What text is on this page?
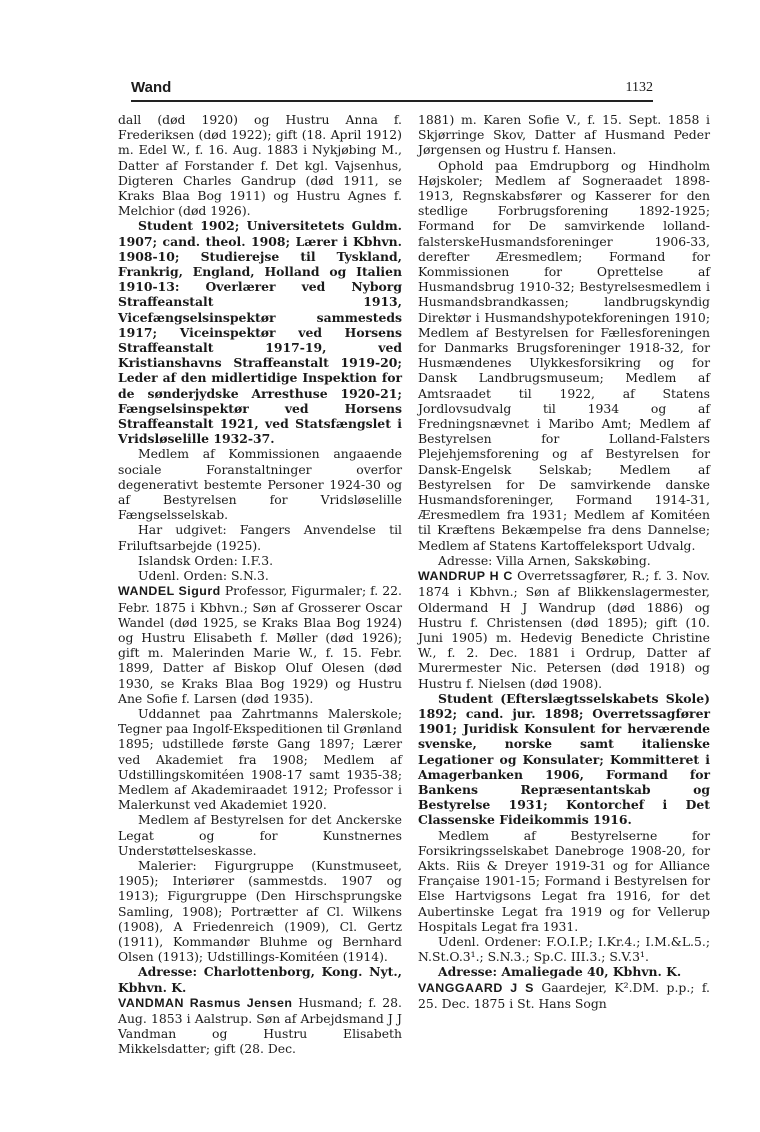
Wand	1132

dall (død 1920) og Hustru Anna f. Frederiksen (død 1922); gift (18. April 1912) m. Edel W., f. 16. Aug. 1883 i Nykjøbing M., Datter af Forstander f. Det kgl. Vajsenhus, Digteren Charles Gandrup (død 1911, se Kraks Blaa Bog 1911) og Hustru Agnes f. Melchior (død 1926).

Student 1902; Universitetets Guldm. 1907; cand. theol. 1908; Lærer i Kbhvn. 1908-10; Studierejse til Tyskland, Frankrig, England, Holland og Italien 1910-13: Overlærer ved Nyborg Straffeanstalt 1913, Vicefængselsinspektør sammesteds 1917; Viceinspektør ved Horsens Straffeanstalt 1917-19, ved Kristianshavns Straffeanstalt 1919-20; Leder af den midlertidige Inspektion for de sønderjydske Arresthuse 1920-21; Fængselsinspektør ved Horsens Straffeanstalt 1921, ved Statsfængslet i Vridsløselille 1932-37.

Medlem af Kommissionen angaaende sociale Foranstaltninger overfor degenerativt bestemte Personer 1924-30 og af Bestyrelsen for Vridsløselille Fængselsselskab.

Har udgivet: Fangers Anvendelse til Friluftsarbejde (1925).

Islandsk Orden: I.F.3.

Udenl. Orden: S.N.3.

WANDEL Sigurd Professor, Figurmaler; f. 22. Febr. 1875 i Kbhvn.; Søn af Grosserer Oscar Wandel (død 1925, se Kraks Blaa Bog 1924) og Hustru Elisabeth f. Møller (død 1926); gift m. Malerinden Marie W., f. 15. Febr. 1899, Datter af Biskop Oluf Olesen (død 1930, se Kraks Blaa Bog 1929) og Hustru Ane Sofie f. Larsen (død 1935).

Uddannet paa Zahrtmanns Malerskole; Tegner paa Ingolf-Ekspeditionen til Grønland 1895; udstillede første Gang 1897; Lærer ved Akademiet fra 1908; Medlem af Udstillingskomitéen 1908-17 samt 1935-38; Medlem af Akademiraadet 1912; Professor i Malerkunst ved Akademiet 1920.

Medlem af Bestyrelsen for det Anckerske Legat og for Kunstnernes Understøttelseskasse.

Malerier: Figurgruppe (Kunstmuseet, 1905); Interiører (sammestds. 1907 og 1913); Figurgruppe (Den Hirschsprungske Samling, 1908); Portrætter af Cl. Wilkens (1908), A Friedenreich (1909), Cl. Gertz (1911), Kommandør Bluhme og Bernhard Olsen (1913); Udstillings-Komitéen (1914).

Adresse: Charlottenborg, Kong. Nyt., Kbhvn. K.

VANDMAN Rasmus Jensen Husmand; f. 28. Aug. 1853 i Aalstrup. Søn af Arbejdsmand J J Vandman og Hustru Elisabeth Mikkelsdatter; gift (28. Dec.

1881) m. Karen Sofie V., f. 15. Sept. 1858 i Skjørringe Skov, Datter af Husmand Peder Jørgensen og Hustru f. Hansen.

Ophold paa Emdrupborg og Hindholm Højskoler; Medlem af Sogneraadet 1898-1913, Regnskabsfører og Kasserer for den stedlige Forbrugsforening 1892-1925; Formand for De samvirkende lolland-falsterskeHusmandsforeninger 1906-33, derefter Æresmedlem; Formand for Kommissionen for Oprettelse af Husmandsbrug 1910-32; Bestyrelsesmedlem i Husmandsbrandkassen; landbrugskyndig Direktør i Husmandshypotekforeningen 1910; Medlem af Bestyrelsen for Fællesforeningen for Danmarks Brugsforeninger 1918-32, for Husmændenes Ulykkesforsikring og for Dansk Landbrugsmuseum; Medlem af Amtsraadet til 1922, af Statens Jordlovsudvalg til 1934 og af Fredningsnævnet i Maribo Amt; Medlem af Bestyrelsen for Lolland-Falsters Plejehjemsforening og af Bestyrelsen for Dansk-Engelsk Selskab; Medlem af Bestyrelsen for De samvirkende danske Husmandsforeninger, Formand 1914-31, Æresmedlem fra 1931; Medlem af Komitéen til Kræftens Bekæmpelse fra dens Dannelse; Medlem af Statens Kartoffeleksport Udvalg.

Adresse: Villa Arnen, Sakskøbing.

WANDRUP H C Overretssagfører, R.; f. 3. Nov. 1874 i Kbhvn.; Søn af Blikkenslagermester, Oldermand H J Wandrup (død 1886) og Hustru f. Christensen (død 1895); gift (10. Juni 1905) m. Hedevig Benedicte Christine W., f. 2. Dec. 1881 i Ordrup, Datter af Murermester Nic. Petersen (død 1918) og Hustru f. Nielsen (død 1908).

Student (Efterslægtsselskabets Skole) 1892; cand. jur. 1898; Overretssagfører 1901; Juridisk Konsulent for herværende svenske, norske samt italienske Legationer og Konsulater; Kommitteret i Amagerbanken 1906, Formand for Bankens Repræsentantskab og Bestyrelse 1931; Kontorchef i Det Classenske Fideikommis 1916.

Medlem af Bestyrelserne for Forsikringsselskabet Danebroge 1908-20, for Akts. Riis & Dreyer 1919-31 og for Alliance Française 1901-15; Formand i Bestyrelsen for Else Hartvigsons Legat fra 1916, for det Aubertinske Legat fra 1919 og for Vellerup Hospitals Legat fra 1931.

Udenl. Ordener: F.O.I.P.; I.Kr.4.; I.M.&L.5.; N.St.O.3¹.; S.N.3.; Sp.C. III.3.; S.V.3¹.

Adresse: Amaliegade 40, Kbhvn. K.

VANGGAARD J S Gaardejer, K².DM. p.p.; f. 25. Dec. 1875 i St. Hans Sogn
